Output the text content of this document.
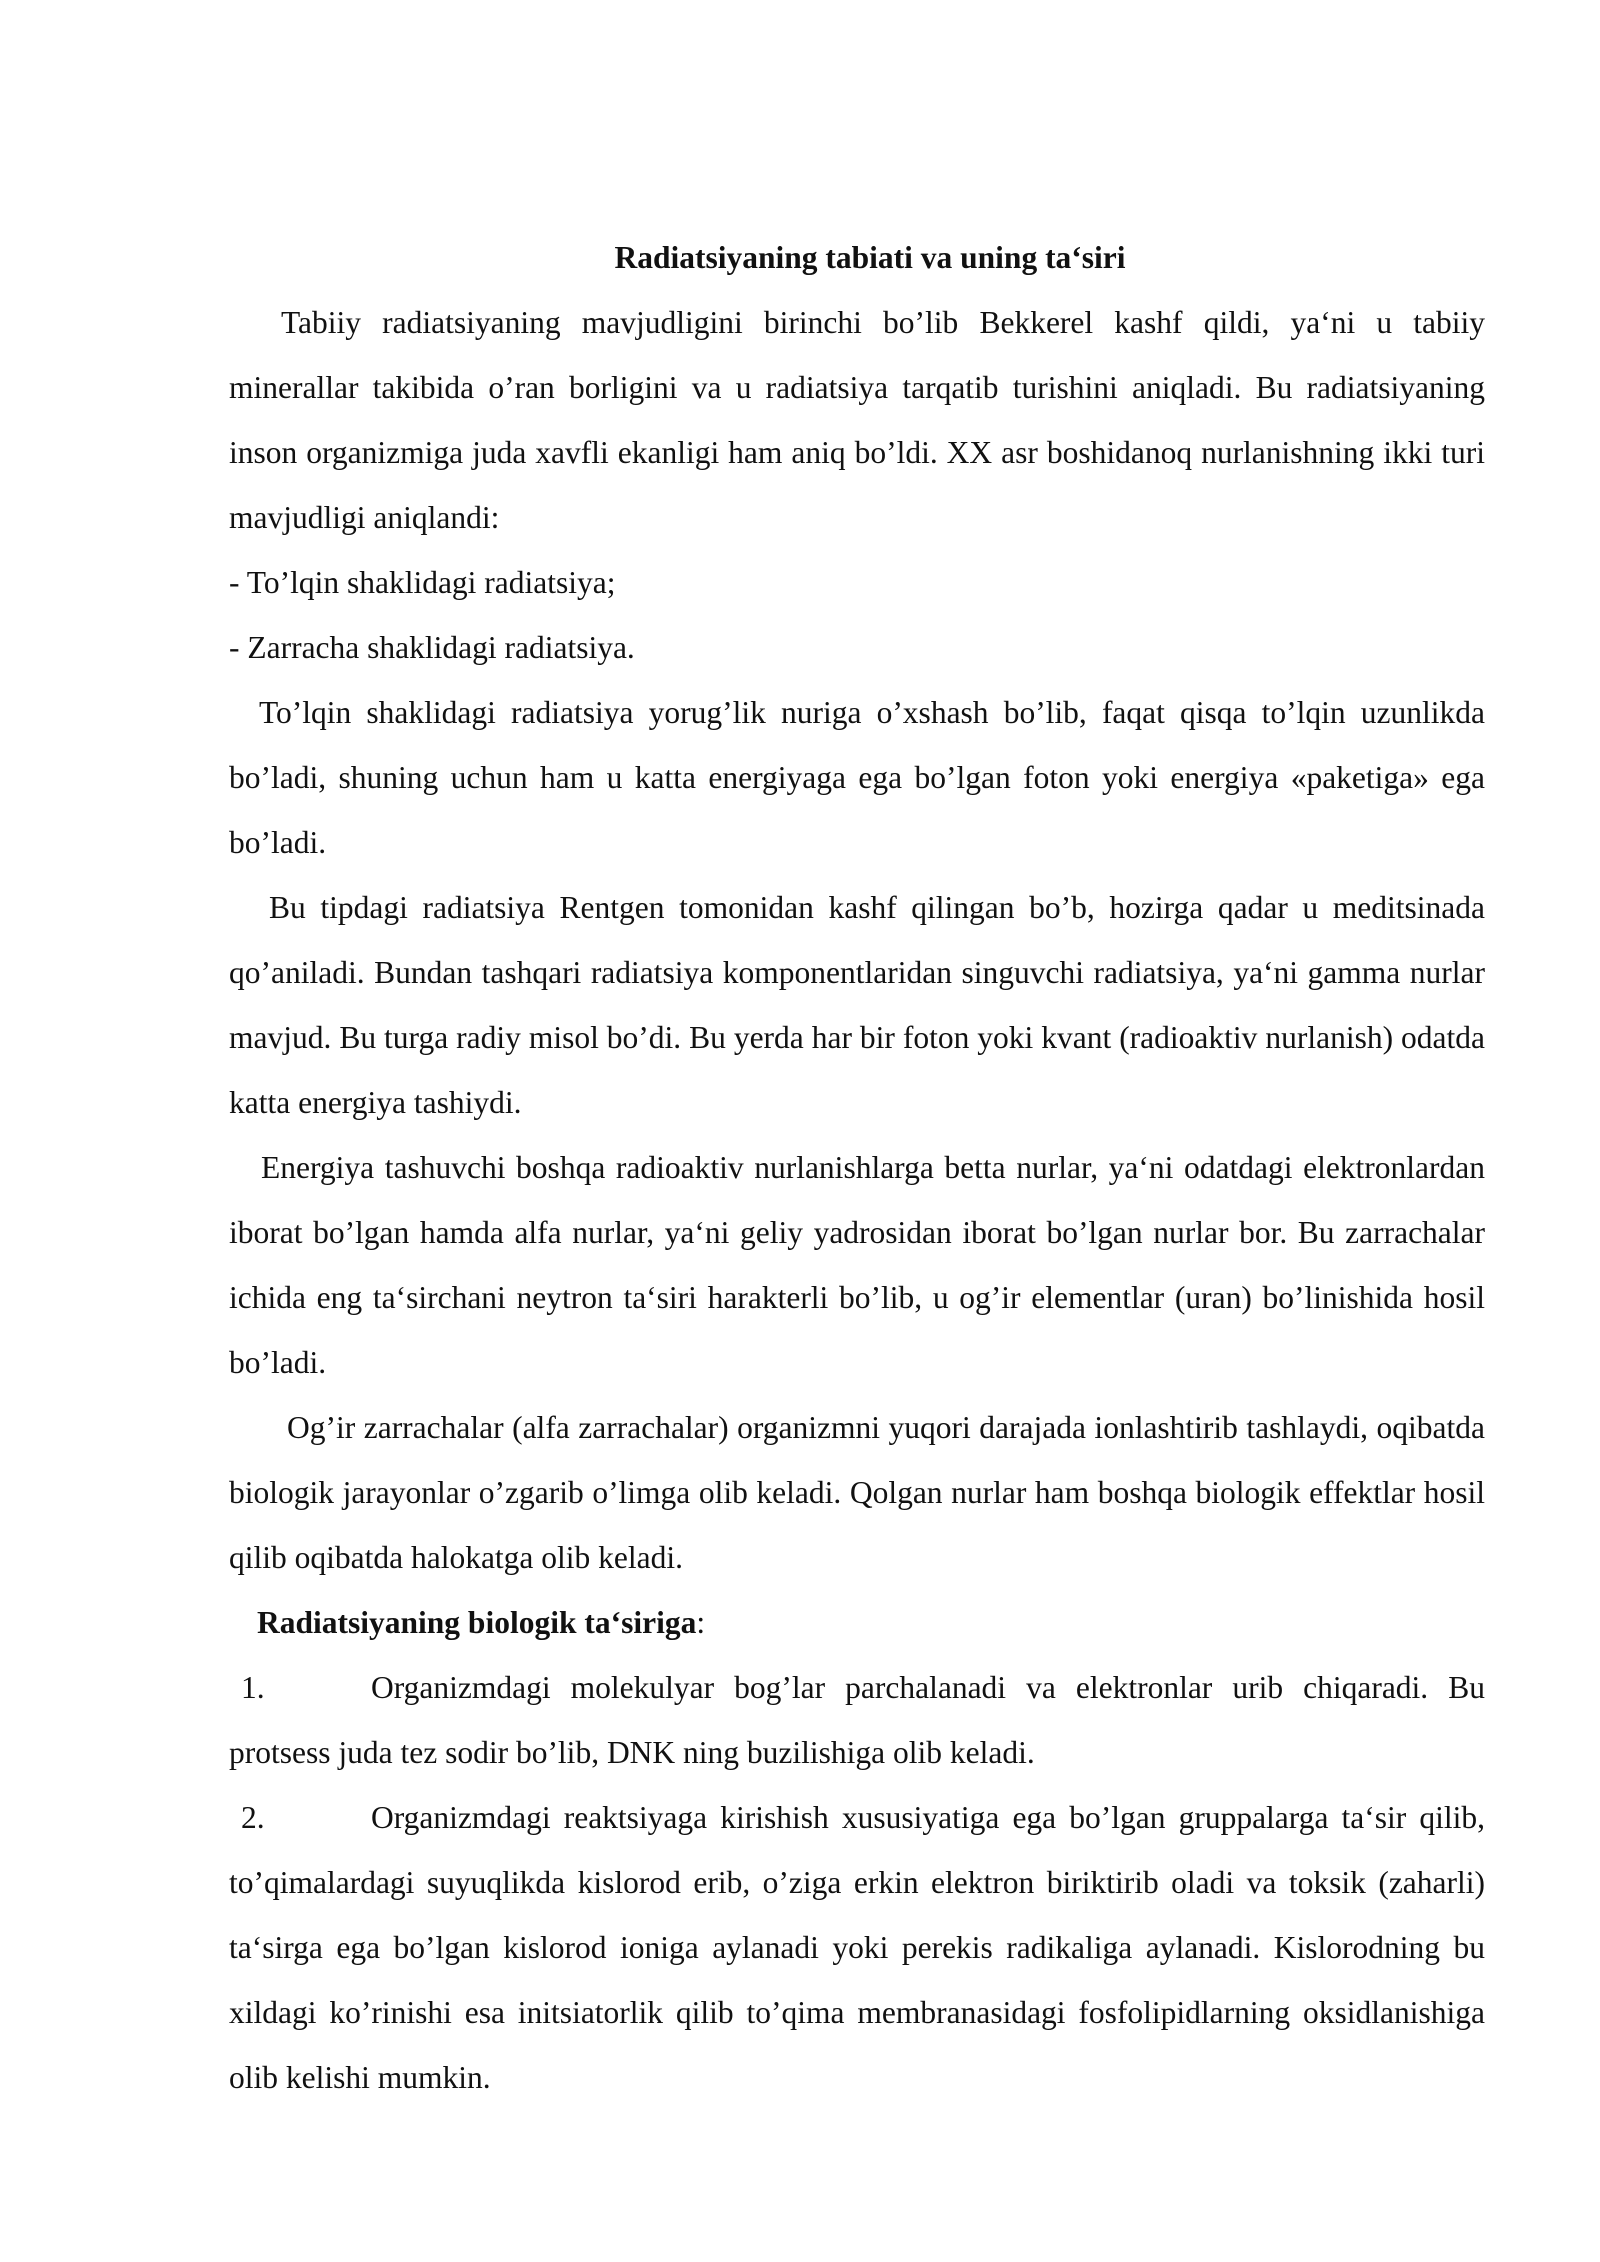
Radiatsiyaning tabiati va uning ta‘siri

Tabiiy radiatsiyaning mavjudligini birinchi bo’lib Bekkerel kashf qildi, ya‘ni u tabiiy minerallar takibida o’ran borligini va u radiatsiya tarqatib turishini aniqladi. Bu radiatsiyaning inson organizmiga juda xavfli ekanligi ham aniq bo’ldi. XX asr boshidanoq nurlanishning ikki turi mavjudligi aniqlandi:

- To’lqin shaklidagi radiatsiya;
- Zarracha shaklidagi radiatsiya.

To’lqin shaklidagi radiatsiya yorug’lik nuriga o’xshash bo’lib, faqat qisqa to’lqin uzunlikda bo’ladi, shuning uchun ham u katta energiyaga ega bo’lgan foton yoki energiya «paketiga» ega bo’ladi.

Bu tipdagi radiatsiya Rentgen tomonidan kashf qilingan bo’b, hozirga qadar u meditsinada qo’aniladi. Bundan tashqari radiatsiya komponentlaridan singuvchi radiatsiya, ya‘ni gamma nurlar mavjud. Bu turga radiy misol bo’di. Bu yerda har bir foton yoki kvant (radioaktiv nurlanish) odatda katta energiya tashiydi.

Energiya tashuvchi boshqa radioaktiv nurlanishlarga betta nurlar, ya‘ni odatdagi elektronlardan iborat bo’lgan hamda alfa nurlar, ya‘ni geliy yadrosidan iborat bo’lgan nurlar bor. Bu zarrachalar ichida eng ta‘sirchani neytron ta‘siri harakterli bo’lib, u og’ir elementlar (uran) bo’linishida hosil bo’ladi.

Og’ir zarrachalar (alfa zarrachalar) organizmni yuqori darajada ionlashtirib tashlaydi, oqibatda biologik jarayonlar o’zgarib o’limga olib keladi. Qolgan nurlar ham boshqa biologik effektlar hosil qilib oqibatda halokatga olib keladi.

Radiatsiyaning biologik ta‘siriga:

1.	Organizmdagi molekulyar bog’lar parchalanadi va elektronlar urib chiqaradi. Bu protsess juda tez sodir bo’lib, DNK ning buzilishiga olib keladi.

2.	Organizmdagi reaktsiyaga kirishish xususiyatiga ega bo’lgan gruppalarga ta‘sir qilib, to’qimalardagi suyuqlikda kislorod erib, o’ziga erkin elektron biriktirib oladi va toksik (zaharli) ta‘sirga ega bo’lgan kislorod ioniga aylanadi yoki perekis radikaliga aylanadi. Kislorodning bu xildagi ko’rinishi esa initsiatorlik qilib to’qima membranasidagi fosfolipidlarning oksidlanishiga olib kelishi mumkin.
